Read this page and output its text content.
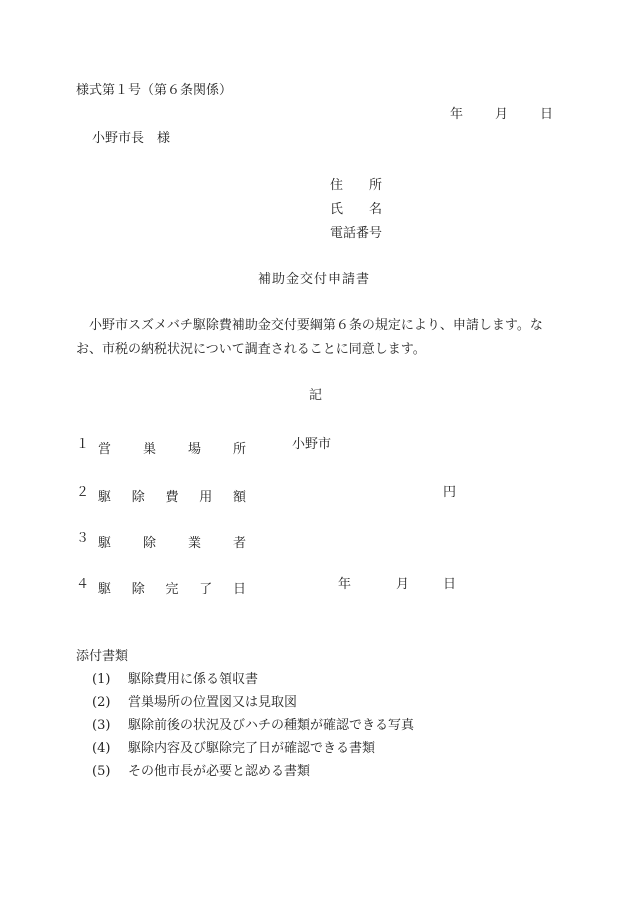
様式第１号（第６条関係）
年 月 日
小野市長　様
住　　所
氏　　名
電話番号
補助金交付申請書
小野市スズメバチ駆除費補助金交付要綱第６条の規定により、申請します。なお、市税の納税状況について調査されることに同意します。
記
１ 営 巣 場 所	小野市
２ 駆 除 費 用 額	円
３ 駆 除 業 者
４ 駆 除 完 了 日	年	月	日
添付書類
(1) 駆除費用に係る領収書
(2) 営巣場所の位置図又は見取図
(3) 駆除前後の状況及びハチの種類が確認できる写真
(4) 駆除内容及び駆除完了日が確認できる書類
(5) その他市長が必要と認める書類
